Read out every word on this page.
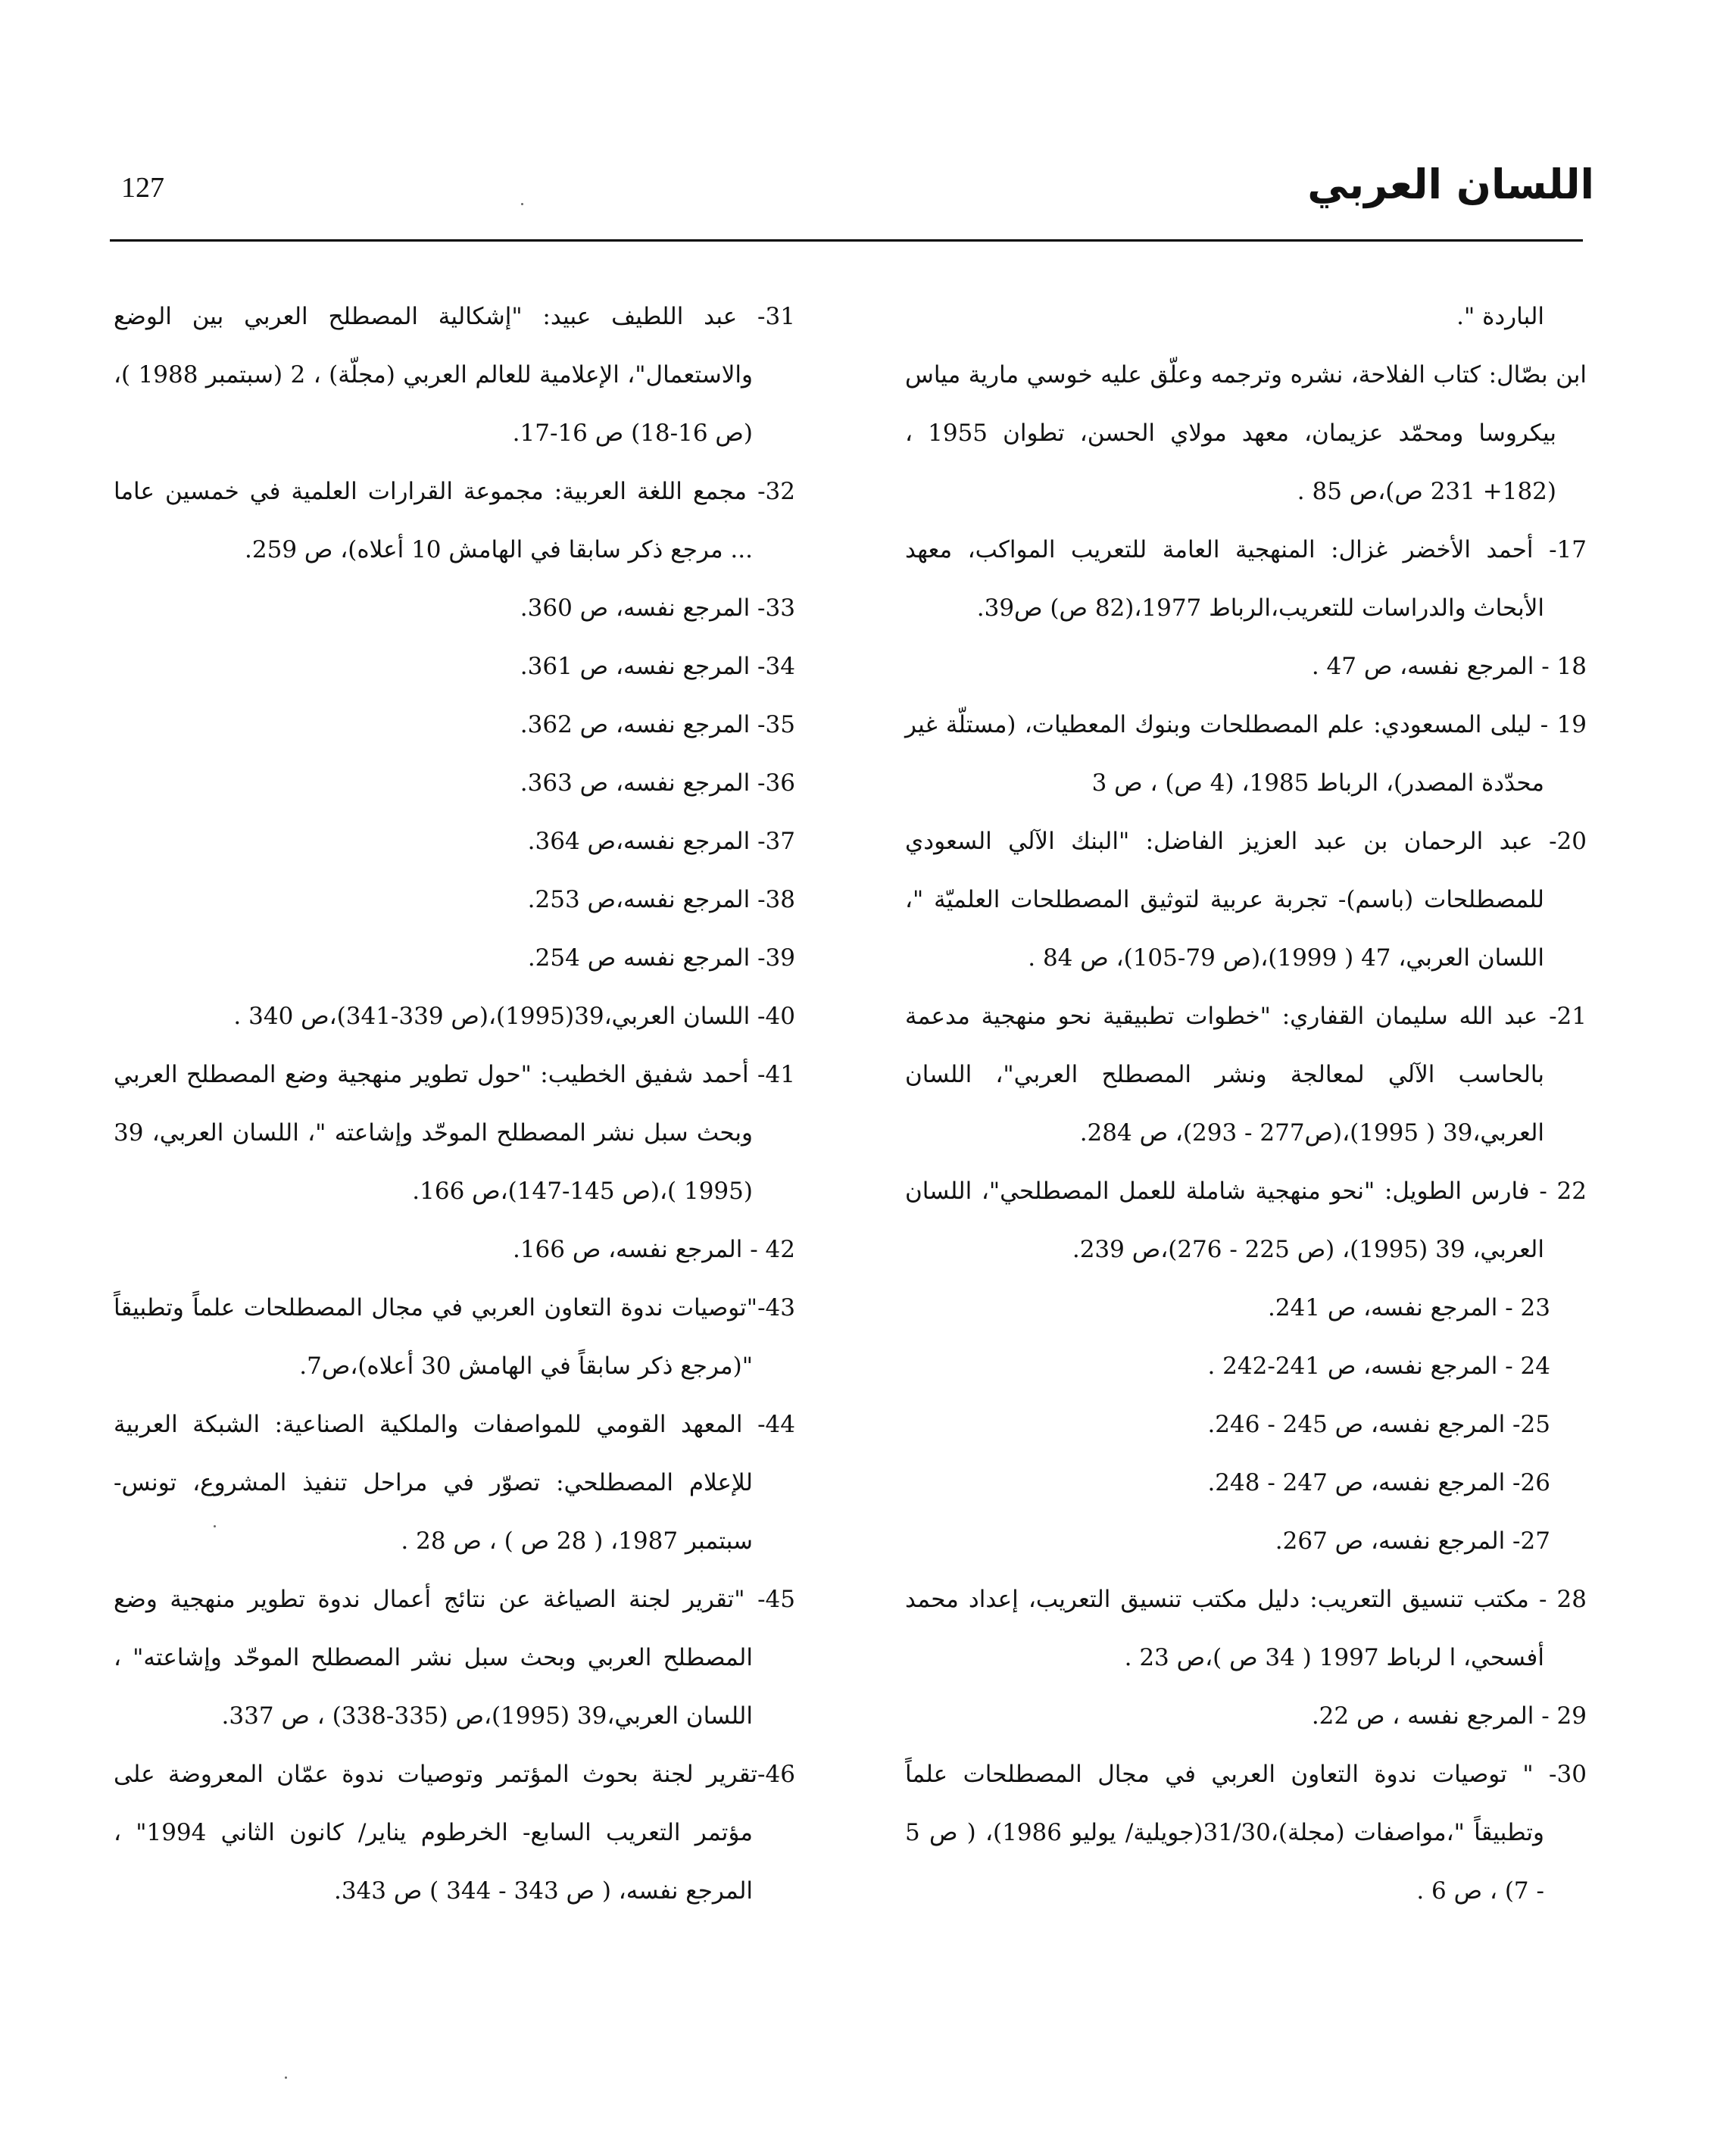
127	اللسان العربي

الباردة ".

ابن بصّال: كتاب الفلاحة، نشره وترجمه وعلّق عليه خوسي مارية مياس بيكروسا ومحمّد عزيمان، معهد مولاي الحسن، تطوان 1955 ، (182+ 231 ص)،ص 85 .

17- أحمد الأخضر غزال: المنهجية العامة للتعريب المواكب، معهد الأبحاث والدراسات للتعريب،الرباط 1977،(82 ص) ص39.

18 - المرجع نفسه، ص 47 .

19 - ليلى المسعودي: علم المصطلحات وبنوك المعطيات، (مستلّة غير محدّدة المصدر)، الرباط 1985، (4 ص) ، ص 3

20- عبد الرحمان بن عبد العزيز الفاضل: "البنك الآلي السعودي للمصطلحات (باسم)- تجربة عربية لتوثيق المصطلحات العلميّة "، اللسان العربي، 47 ( 1999)،(ص 79-105)، ص 84 .

21- عبد الله سليمان القفاري: "خطوات تطبيقية نحو منهجية مدعمة بالحاسب الآلي لمعالجة ونشر المصطلح العربي"، اللسان العربي،39 ( 1995)،(ص277 - 293)، ص 284.

22 - فارس الطويل: "نحو منهجية شاملة للعمل المصطلحي"، اللسان العربي، 39 (1995)، (ص 225 - 276)،ص 239.

23 - المرجع نفسه، ص 241.

24 - المرجع نفسه، ص 241-242 .

25- المرجع نفسه، ص 245 - 246.

26- المرجع نفسه، ص 247 - 248.

27- المرجع نفسه، ص 267.

28 - مكتب تنسيق التعريب: دليل مكتب تنسيق التعريب، إعداد محمد أفسحي، ا لرباط 1997 ( 34 ص )،ص 23 .

29 - المرجع نفسه ، ص 22.

30- " توصيات ندوة التعاون العربي في مجال المصطلحات علماً وتطبيقاً "،مواصفات (مجلة)،31/30(جويلية/ يوليو 1986)، ( ص 5 - 7) ، ص 6 .

31- عبد اللطيف عبيد: "إشكالية المصطلح العربي بين الوضع والاستعمال"، الإعلامية للعالم العربي (مجلّة) ، 2 (سبتمبر 1988 )، (ص 16-18) ص 16-17.

32- مجمع اللغة العربية: مجموعة القرارات العلمية في خمسين عاما ... مرجع ذكر سابقا في الهامش 10 أعلاه)، ص 259.

33- المرجع نفسه، ص 360.

34- المرجع نفسه، ص 361.

35- المرجع نفسه، ص 362.

36- المرجع نفسه، ص 363.

37- المرجع نفسه،ص 364.

38- المرجع نفسه،ص 253.

39- المرجع نفسه ص 254.

40- اللسان العربي،39(1995)،(ص 339-341)،ص 340 .

41- أحمد شفيق الخطيب: "حول تطوير منهجية وضع المصطلح العربي وبحث سبل نشر المصطلح الموحّد وإشاعته "، اللسان العربي، 39 (1995 )،(ص 145-147)،ص 166.

42 - المرجع نفسه، ص 166.

43-"توصيات ندوة التعاون العربي في مجال المصطلحات علماً وتطبيقاً "(مرجع ذكر سابقاً في الهامش 30 أعلاه)،ص7.

44- المعهد القومي للمواصفات والملكية الصناعية: الشبكة العربية للإعلام المصطلحي: تصوّر في مراحل تنفيذ المشروع، تونس- سبتمبر 1987، ( 28 ص ) ، ص 28 .

45- "تقرير لجنة الصياغة عن نتائج أعمال ندوة تطوير منهجية وضع المصطلح العربي وبحث سبل نشر المصطلح الموحّد وإشاعته" ، اللسان العربي،39 (1995)،ص (335-338) ، ص 337.

46-تقرير لجنة بحوث المؤتمر وتوصيات ندوة عمّان المعروضة على مؤتمر التعريب السابع- الخرطوم يناير/ كانون الثاني 1994" ، المرجع نفسه، ( ص 343 - 344 ) ص 343.
